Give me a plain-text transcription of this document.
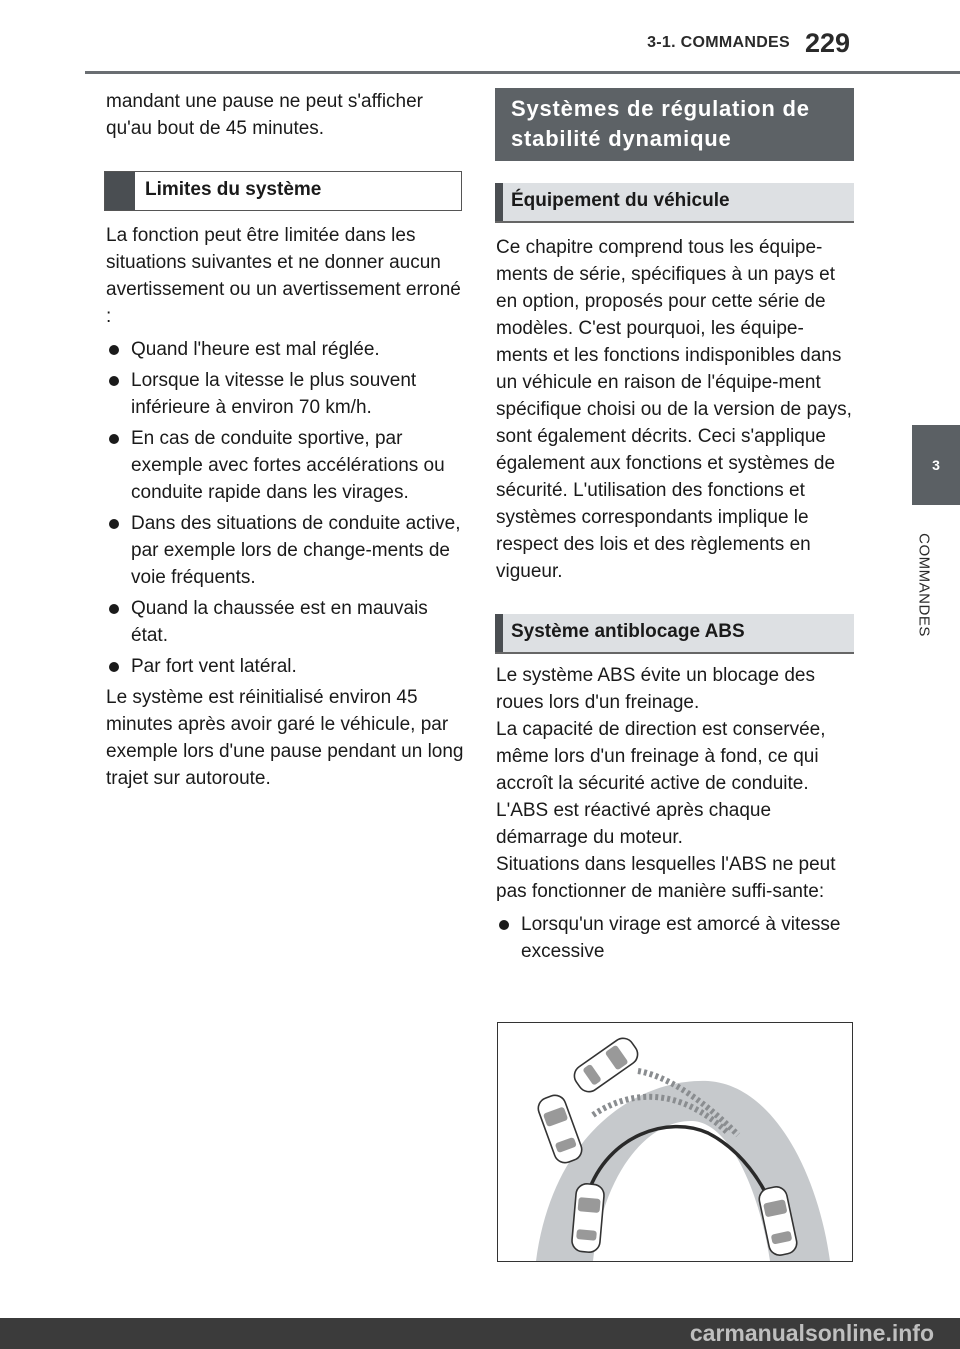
3-1. COMMANDES 229
3
COMMANDES

mandant une pause ne peut s'afficher qu'au bout de 45 minutes.

Limites du système

La fonction peut être limitée dans les situations suivantes et ne donner aucun avertissement ou un avertissement erroné :

Quand l'heure est mal réglée.
Lorsque la vitesse le plus souvent inférieure à environ 70 km/h.
En cas de conduite sportive, par exemple avec fortes accélérations ou conduite rapide dans les virages.
Dans des situations de conduite active, par exemple lors de change-ments de voie fréquents.
Quand la chaussée est en mauvais état.
Par fort vent latéral.

Le système est réinitialisé environ 45 minutes après avoir garé le véhicule, par exemple lors d'une pause pendant un long trajet sur autoroute.

Systèmes de régulation de stabilité dynamique
Équipement du véhicule

Ce chapitre comprend tous les équipe-ments de série, spécifiques à un pays et en option, proposés pour cette série de modèles. C'est pourquoi, les équipe-ments et les fonctions indisponibles dans un véhicule en raison de l'équipe-ment spécifique choisi ou de la version de pays, sont également décrits. Ceci s'applique également aux fonctions et systèmes de sécurité. L'utilisation des fonctions et systèmes correspondants implique le respect des lois et des règlements en vigueur.

Système antiblocage ABS

Le système ABS évite un blocage des roues lors d'un freinage.

La capacité de direction est conservée, même lors d'un freinage à fond, ce qui accroît la sécurité active de conduite.

L'ABS est réactivé après chaque démarrage du moteur.

Situations dans lesquelles l'ABS ne peut pas fonctionner de manière suffi-sante:

Lorsqu'un virage est amorcé à vitesse excessive
carmanualsonline.info
